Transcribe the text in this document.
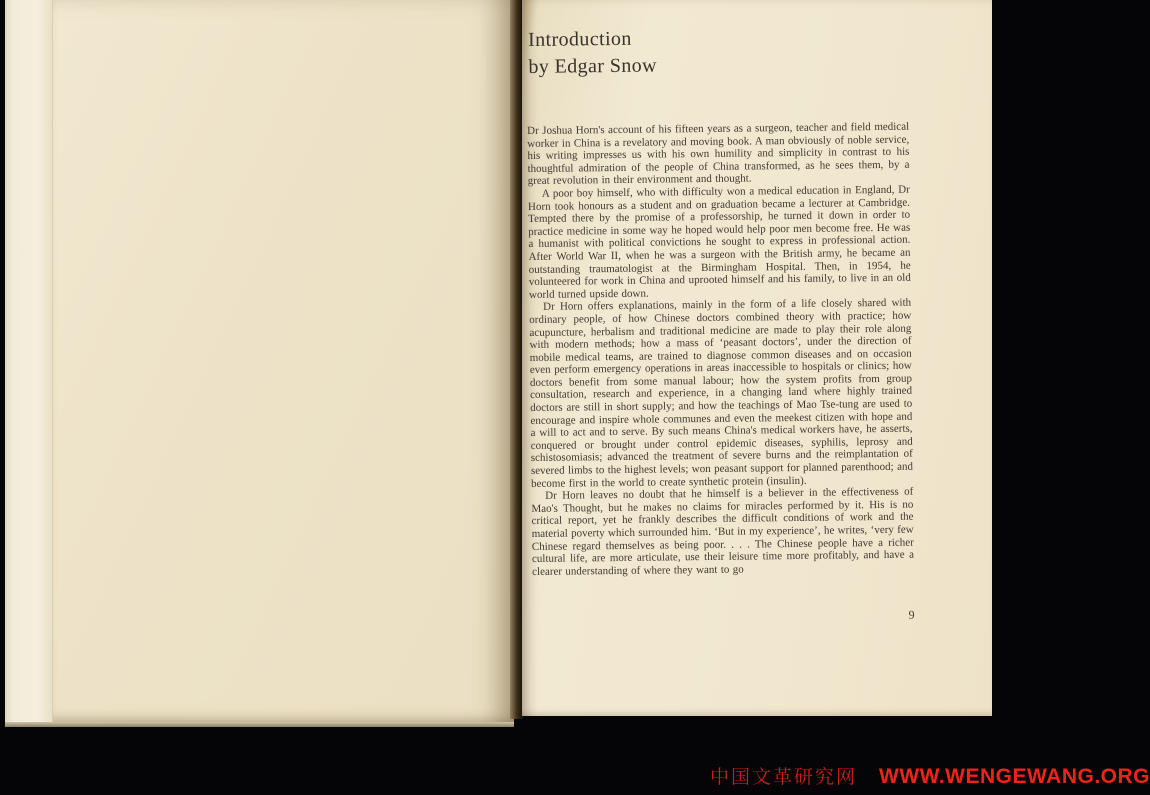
Introduction
by Edgar Snow

Dr Joshua Horn's account of his fifteen years as a surgeon, teacher and field medical worker in China is a revelatory and moving book. A man obviously of noble service, his writing impresses us with his own humility and simplicity in contrast to his thoughtful admiration of the people of China transformed, as he sees them, by a great revolution in their environment and thought.

A poor boy himself, who with difficulty won a medical education in England, Dr Horn took honours as a student and on graduation became a lecturer at Cambridge. Tempted there by the promise of a professorship, he turned it down in order to practice medicine in some way he hoped would help poor men become free. He was a humanist with political convictions he sought to express in professional action. After World War II, when he was a surgeon with the British army, he became an outstanding traumatologist at the Birmingham Hospital. Then, in 1954, he volunteered for work in China and uprooted himself and his family, to live in an old world turned upside down.

Dr Horn offers explanations, mainly in the form of a life closely shared with ordinary people, of how Chinese doctors combined theory with practice; how acupuncture, herbalism and traditional medicine are made to play their role along with modern methods; how a mass of ‘peasant doctors’, under the direction of mobile medical teams, are trained to diagnose common diseases and on occasion even perform emergency operations in areas inaccessible to hospitals or clinics; how doctors benefit from some manual labour; how the system profits from group consultation, research and experience, in a changing land where highly trained doctors are still in short supply; and how the teachings of Mao Tse-tung are used to encourage and inspire whole communes and even the meekest citizen with hope and a will to act and to serve. By such means China's medical workers have, he asserts, conquered or brought under control epidemic diseases, syphilis, leprosy and schistosomiasis; advanced the treatment of severe burns and the reimplantation of severed limbs to the highest levels; won peasant support for planned parenthood; and become first in the world to create synthetic protein (insulin).

Dr Horn leaves no doubt that he himself is a believer in the effectiveness of Mao's Thought, but he makes no claims for miracles performed by it. His is no critical report, yet he frankly describes the difficult conditions of work and the material poverty which surrounded him. ‘But in my experience’, he writes, ‘very few Chinese regard themselves as being poor. . . . The Chinese people have a richer cultural life, are more articulate, use their leisure time more profitably, and have a clearer understanding of where they want to go

9
中国文革研究网 WWW.WENGEWANG.ORG
